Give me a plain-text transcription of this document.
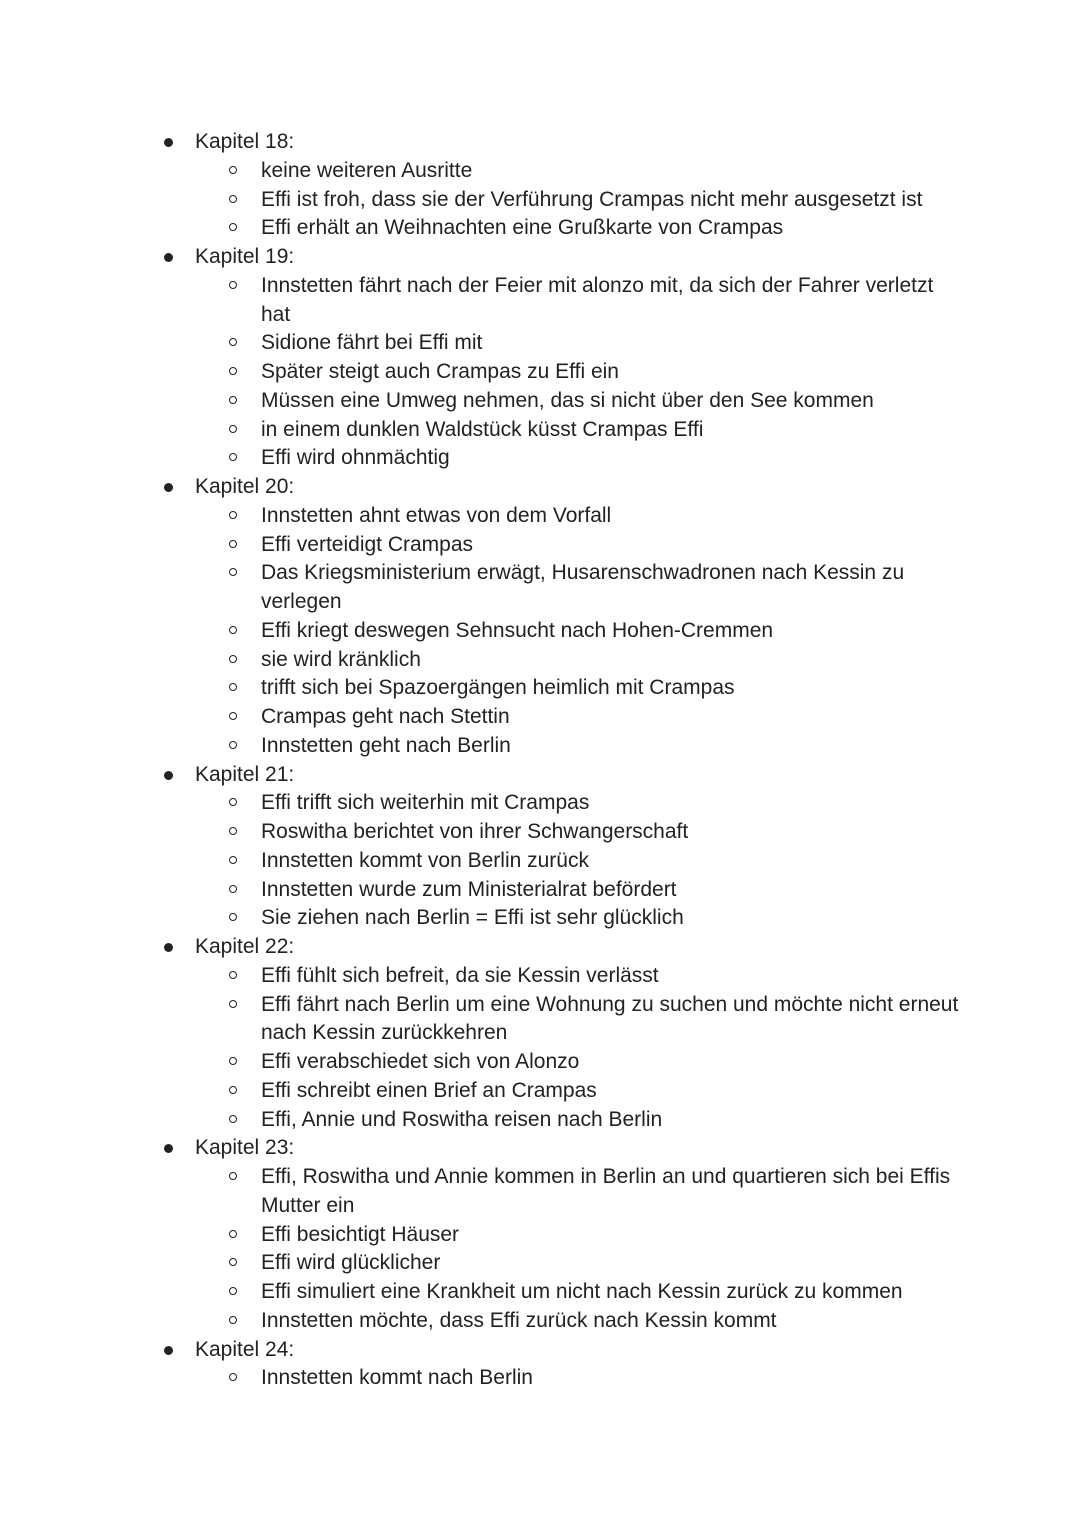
Kapitel 18:
keine weiteren Ausritte
Effi ist froh, dass sie der Verführung Crampas nicht mehr ausgesetzt ist
Effi erhält an Weihnachten eine Grußkarte von Crampas
Kapitel 19:
Innstetten fährt nach der Feier mit alonzo mit, da sich der Fahrer verletzt hat
Sidione fährt bei Effi mit
Später steigt auch Crampas zu Effi ein
Müssen eine Umweg nehmen, das si nicht über den See kommen
in einem dunklen Waldstück küsst Crampas Effi
Effi wird ohnmächtig
Kapitel 20:
Innstetten ahnt etwas von dem Vorfall
Effi verteidigt Crampas
Das Kriegsministerium erwägt, Husarenschwadronen nach Kessin zu verlegen
Effi kriegt deswegen Sehnsucht nach Hohen-Cremmen
sie wird kränklich
trifft sich bei Spazoergängen heimlich mit Crampas
Crampas geht nach Stettin
Innstetten geht nach Berlin
Kapitel 21:
Effi trifft sich weiterhin mit Crampas
Roswitha berichtet von ihrer Schwangerschaft
Innstetten kommt von Berlin zurück
Innstetten wurde zum Ministerialrat befördert
Sie ziehen nach Berlin = Effi ist sehr glücklich
Kapitel 22:
Effi fühlt sich befreit, da sie Kessin verlässt
Effi fährt nach Berlin um eine Wohnung zu suchen und möchte nicht erneut nach Kessin zurückkehren
Effi verabschiedet sich von Alonzo
Effi schreibt einen Brief an Crampas
Effi, Annie und Roswitha reisen nach Berlin
Kapitel 23:
Effi, Roswitha und Annie kommen in Berlin an und quartieren sich bei Effis Mutter ein
Effi besichtigt Häuser
Effi wird glücklicher
Effi simuliert eine Krankheit um nicht nach Kessin zurück zu kommen
Innstetten möchte, dass Effi zurück nach Kessin kommt
Kapitel 24:
Innstetten kommt nach Berlin
